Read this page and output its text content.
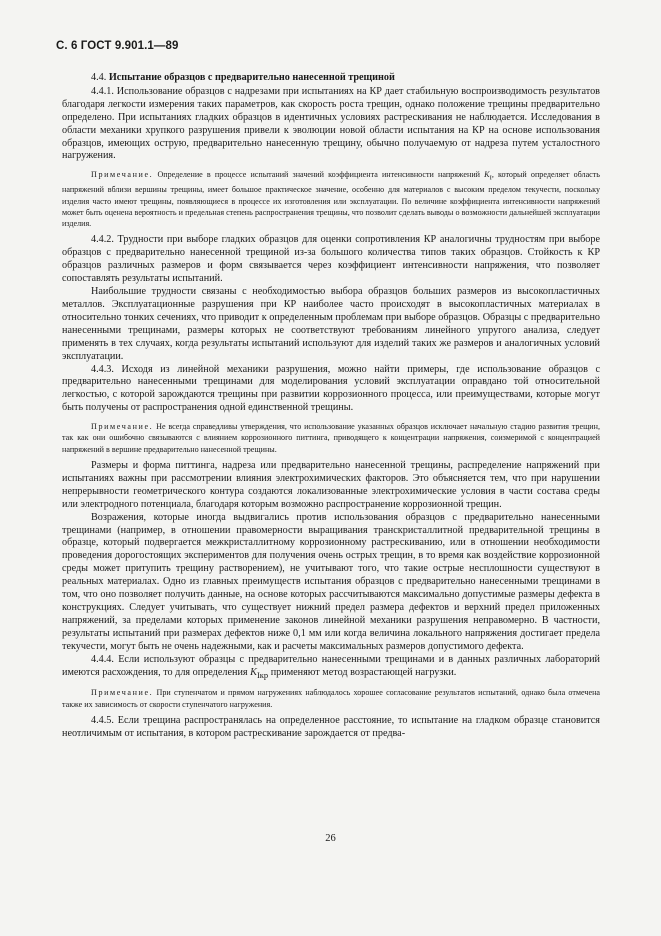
С. 6 ГОСТ 9.901.1—89

4.4. Испытание образцов с предварительно нанесенной трещиной

4.4.1. Использование образцов с надрезами при испытаниях на КР дает стабильную воспроизводимость результатов благодаря легкости измерения таких параметров, как скорость роста трещин, однако положение трещины предварительно определено. При испытаниях гладких образцов в идентичных условиях растрескивания не наблюдается. Исследования в области механики хрупкого разрушения привели к эволюции новой области испытания на КР на основе использования образцов, имеющих острую, предварительно нанесенную трещину, обычно получаемую от надреза путем усталостного нагружения.

Примечание. Определение в процессе испытаний значений коэффициента интенсивности напряжений $K_I$, который определяет область напряжений вблизи вершины трещины, имеет большое практическое значение, особенно для материалов с высоким пределом текучести, поскольку изделия часто имеют трещины, появляющиеся в процессе их изготовления или эксплуатации. По величине коэффициента интенсивности напряжений может быть оценена вероятность и предельная степень распространения трещины, что позволит сделать выводы о возможности дальнейшей эксплуатации изделия.

4.4.2. Трудности при выборе гладких образцов для оценки сопротивления КР аналогичны трудностям при выборе образцов с предварительно нанесенной трещиной из-за большого количества типов таких образцов. Стойкость к КР образцов различных размеров и форм связывается через коэффициент интенсивности напряжения, что позволяет сопоставлять результаты испытаний.

Наибольшие трудности связаны с необходимостью выбора образцов больших размеров из высокопластичных металлов. Эксплуатационные разрушения при КР наиболее часто происходят в высокопластичных материалах в относительно тонких сечениях, что приводит к определенным проблемам при выборе образцов. Образцы с предварительно нанесенными трещинами, размеры которых не соответствуют требованиям линейного упругого анализа, следует применять в тех случаях, когда результаты испытаний используют для изделий таких же размеров и аналогичных условий эксплуатации.

4.4.3. Исходя из линейной механики разрушения, можно найти примеры, где использование образцов с предварительно нанесенными трещинами для моделирования условий эксплуатации оправдано той относительной легкостью, с которой зарождаются трещины при развитии коррозионного процесса, или преимуществами, которые могут быть получены от распространения одной единственной трещины.

Примечание. Не всегда справедливы утверждения, что использование указанных образцов исключает начальную стадию развития трещин, так как они ошибочно связываются с влиянием коррозионного питтинга, приводящего к концентрации напряжения, соизмеримой с концентрацией напряжений в вершине предварительно нанесенной трещины.

Размеры и форма питтинга, надреза или предварительно нанесенной трещины, распределение напряжений при испытаниях важны при рассмотрении влияния электрохимических факторов. Это объясняется тем, что при нарушении непрерывности геометрического контура создаются локализованные электрохимические условия в части состава среды или электродного потенциала, благодаря которым возможно распространение коррозионной трещин.

Возражения, которые иногда выдвигались против использования образцов с предварительно нанесенными трещинами (например, в отношении правомерности выращивания транскристаллитной предварительной трещины в образце, который подвергается межкристаллитному коррозионному растрескиванию, или в отношении необходимости проведения дорогостоящих экспериментов для получения очень острых трещин, в то время как воздействие коррозионной среды может притупить трещину растворением), не учитывают того, что такие острые несплошности существуют в реальных материалах. Одно из главных преимуществ испытания образцов с предварительно нанесенными трещинами в том, что оно позволяет получить данные, на основе которых рассчитываются максимально допустимые размеры дефекта в конструкциях. Следует учитывать, что существует нижний предел размера дефектов и верхний предел приложенных напряжений, за пределами которых применение законов линейной механики разрушения неправомерно. В частности, результаты испытаний при размерах дефектов ниже 0,1 мм или когда величина локального напряжения достигает предела текучести, могут быть не очень надежными, как и расчеты максимальных размеров допустимого дефекта.

4.4.4. Если используют образцы с предварительно нанесенными трещинами и в данных различных лабораторий имеются расхождения, то для определения $K_{Ікр}$ применяют метод возрастающей нагрузки.

Примечание. При ступенчатом и прямом нагружениях наблюдалось хорошее согласование результатов испытаний, однако была отмечена также их зависимость от скорости ступенчатого нагружения.

4.4.5. Если трещина распространялась на определенное расстояние, то испытание на гладком образце становится неотличимым от испытания, в котором растрескивание зарождается от предва-

26
